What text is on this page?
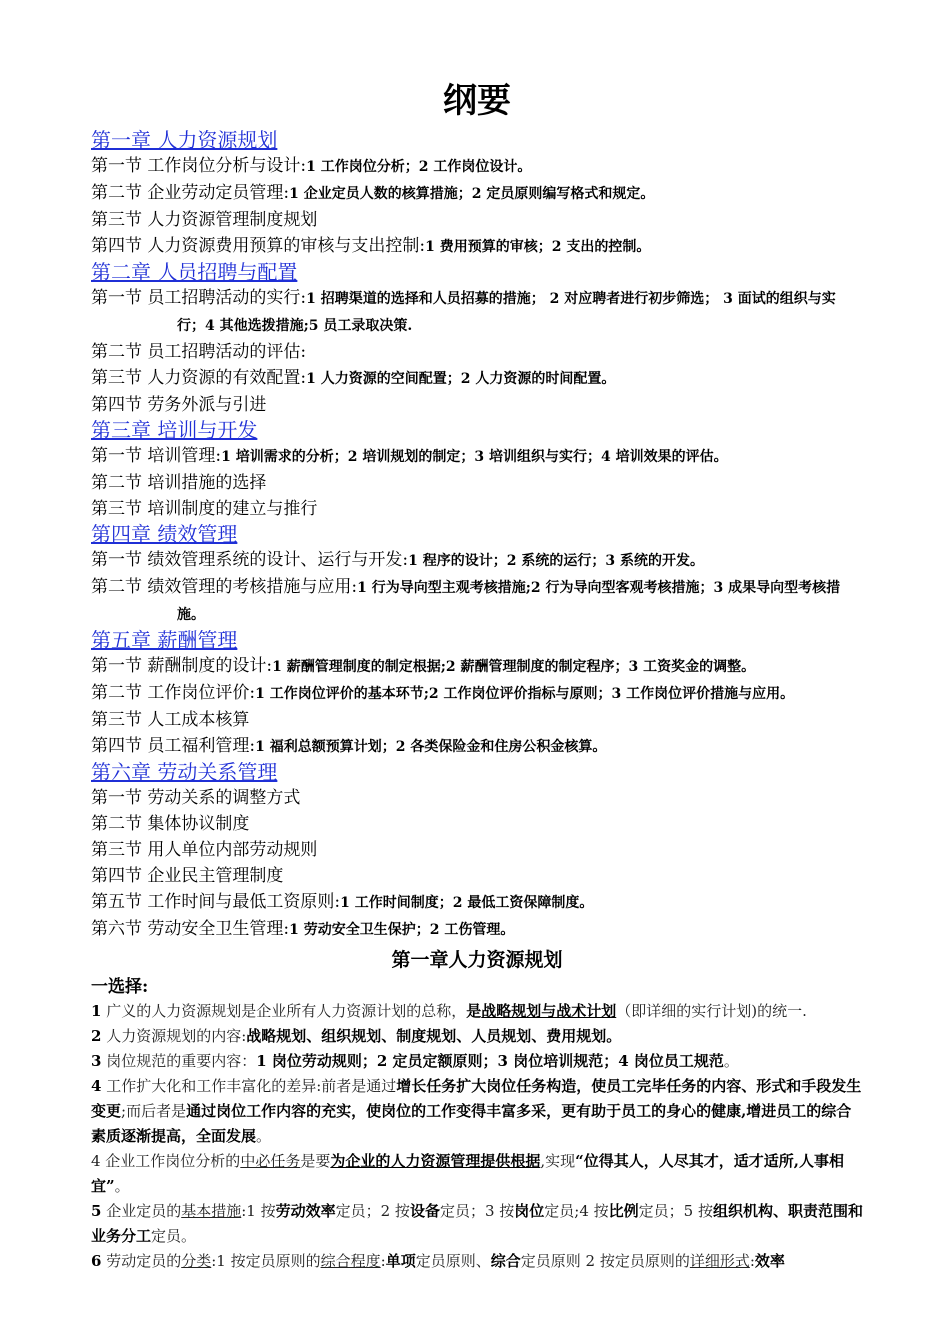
纲要
第一章 人力资源规划
第一节 工作岗位分析与设计:1 工作岗位分析；2 工作岗位设计。
第二节 企业劳动定员管理:1 企业定员人数的核算措施；2 定员原则编写格式和规定。
第三节 人力资源管理制度规划
第四节 人力资源费用预算的审核与支出控制:1 费用预算的审核；2 支出的控制。
第二章 人员招聘与配置
第一节 员工招聘活动的实行:1 招聘渠道的选择和人员招募的措施； 2 对应聘者进行初步筛选； 3 面试的组织与实行；4 其他选拨措施;5 员工录取决策.
第二节 员工招聘活动的评估:
第三节 人力资源的有效配置:1 人力资源的空间配置；2 人力资源的时间配置。
第四节 劳务外派与引进
第三章 培训与开发
第一节 培训管理:1 培训需求的分析；2 培训规划的制定；3 培训组织与实行；4 培训效果的评估。
第二节 培训措施的选择
第三节 培训制度的建立与推行
第四章 绩效管理
第一节 绩效管理系统的设计、运行与开发:1 程序的设计；2 系统的运行；3 系统的开发。
第二节 绩效管理的考核措施与应用:1 行为导向型主观考核措施;2 行为导向型客观考核措施；3 成果导向型考核措施。
第五章 薪酬管理
第一节 薪酬制度的设计:1 薪酬管理制度的制定根据;2 薪酬管理制度的制定程序；3 工资奖金的调整。
第二节 工作岗位评价:1 工作岗位评价的基本环节;2 工作岗位评价指标与原则；3 工作岗位评价措施与应用。
第三节 人工成本核算
第四节 员工福利管理:1 福利总额预算计划；2 各类保险金和住房公积金核算。
第六章 劳动关系管理
第一节 劳动关系的调整方式
第二节 集体协议制度
第三节 用人单位内部劳动规则
第四节 企业民主管理制度
第五节 工作时间与最低工资原则:1 工作时间制度；2 最低工资保障制度。
第六节 劳动安全卫生管理:1 劳动安全卫生保护；2 工伤管理。
第一章人力资源规划
一选择:
1 广义的人力资源规划是企业所有人力资源计划的总称，是战略规划与战术计划（即详细的实行计划)的统一.
2 人力资源规划的内容:战略规划、组织规划、制度规划、人员规划、费用规划。
3 岗位规范的重要内容：1 岗位劳动规则；2 定员定额原则；3 岗位培训规范；4 岗位员工规范。
4 工作扩大化和工作丰富化的差异:前者是通过增长任务扩大岗位任务构造，使员工完毕任务的内容、形式和手段发生变更;而后者是通过岗位工作内容的充实，使岗位的工作变得丰富多采，更有助于员工的身心的健康,增进员工的综合素质逐渐提高，全面发展。
4 企业工作岗位分析的中必任务是要为企业的人力资源管理提供根据,实现“位得其人，人尽其才，适才适所,人事相宜”。
5 企业定员的基本措施:1 按劳动效率定员；2 按设备定员；3 按岗位定员;4 按比例定员；5 按组织机构、职责范围和业务分工定员。
6 劳动定员的分类:1 按定员原则的综合程度:单项定员原则、综合定员原则 2 按定员原则的详细形式:效率
